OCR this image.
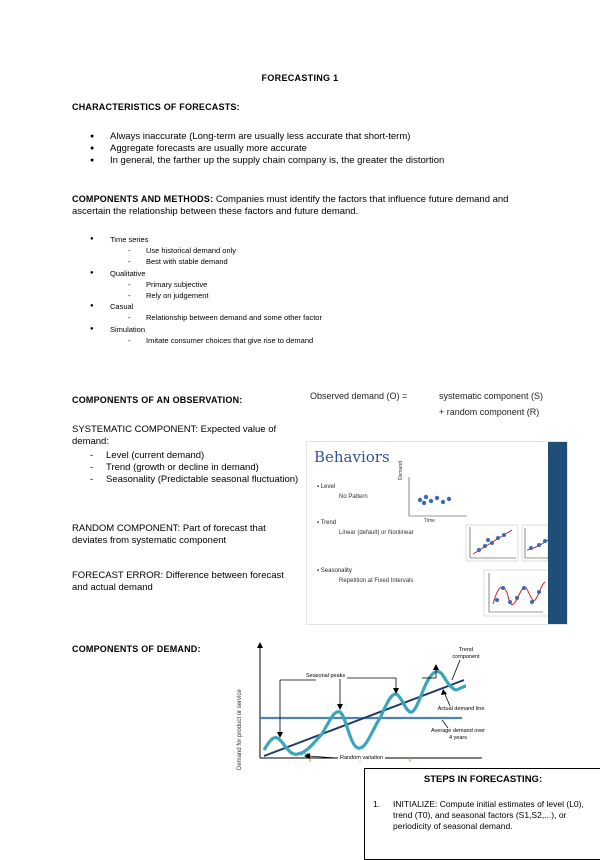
FORECASTING 1
CHARACTERISTICS OF FORECASTS:
● Always inaccurate (Long-term are usually less accurate that short-term)
● Aggregate forecasts are usually more accurate
● In general, the farther up the supply chain company is, the greater the distortion
COMPONENTS AND METHODS: Companies must identify the factors that influence future demand and ascertain the relationship between these factors and future demand.
● Time series
- Use historical demand only
- Best with stable demand
● Qualitative
- Primary subjective
- Rely on judgement
● Casual
- Relationship between demand and some other factor
● Simulation
- Imitate consumer choices that give rise to demand
COMPONENTS OF AN OBSERVATION:	Observed demand (O) =	systematic component (S)
+ random component (R)
SYSTEMATIC COMPONENT: Expected value of demand:
- Level (current demand)
- Trend (growth or decline in demand)
- Seasonality (Predictable seasonal fluctuation)
RANDOM COMPONENT: Part of forecast that deviates from systematic component
FORECAST ERROR: Difference between forecast and actual demand
Behaviors
▪ Level
No Pattern
▪ Trend
Linear (default) or Nonlinear
▪ Seasonality
Repetition at Fixed Intervals
Demand
Time
COMPONENTS OF DEMAND:
Demand for product or service
Seasonal peaks
Trend component
Actual demand line
Average demand over 4 years
Random variation
STEPS IN FORECASTING:
1. INITIALIZE: Compute initial estimates of level (L0), trend (T0), and seasonal factors (S1,S2,...), or periodicity of seasonal demand.
